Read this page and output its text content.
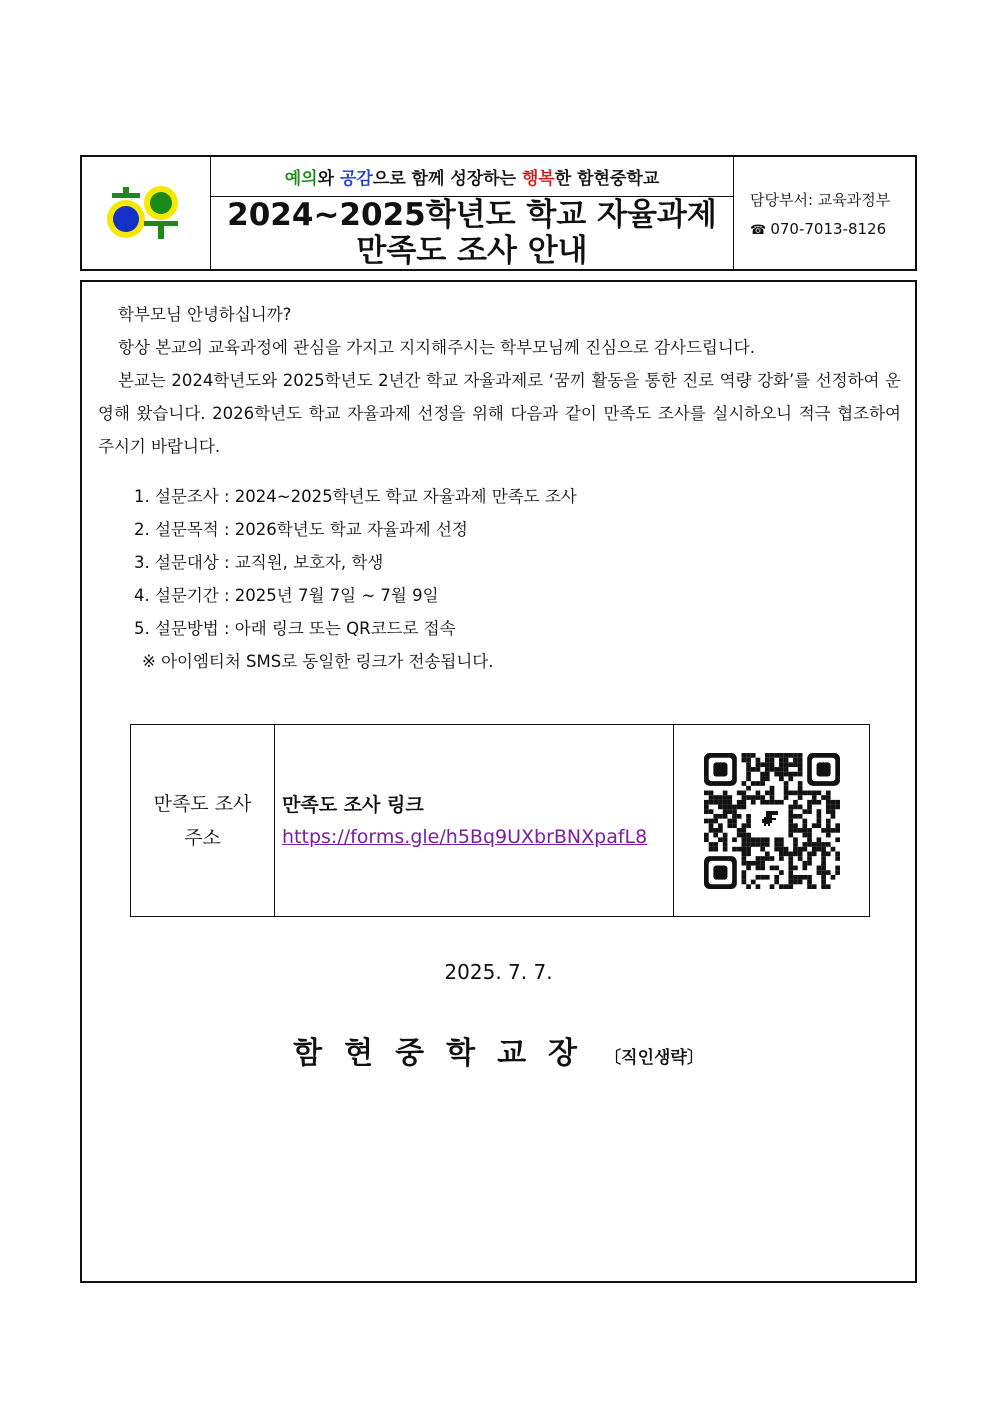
예의 와 공감 으로 함께 성장하는 행복 한 함현중학교
2024~2025학년도 학교 자율과제
만족도 조사 안내
담당부서: 교육과정부
☎ 070-7013-8126

학부모님 안녕하십니까?

항상 본교의 교육과정에 관심을 가지고 지지해주시는 학부모님께 진심으로 감사드립니다.

본교는 2024학년도와 2025학년도 2년간 학교 자율과제로 ‘꿈끼 활동을 통한 진로 역량 강화’를 선정하여 운영해 왔습니다. 2026학년도 학교 자율과제 선정을 위해 다음과 같이 만족도 조사를 실시하오니 적극 협조하여 주시기 바랍니다.

1. 설문조사 : 2024~2025학년도 학교 자율과제 만족도 조사
2. 설문목적 : 2026학년도 학교 자율과제 선정
3. 설문대상 : 교직원, 보호자, 학생
4. 설문기간 : 2025년 7월 7일 ~ 7월 9일
5. 설문방법 : 아래 링크 또는 QR코드로 접속
※ 아이엠티처 SMS로 동일한 링크가 전송됩니다.
만족도 조사
주소
만족도 조사 링크
https://forms.gle/h5Bq9UXbrBNXpafL8
2025. 7. 7.
함현중학교장 〔직인생략〕
